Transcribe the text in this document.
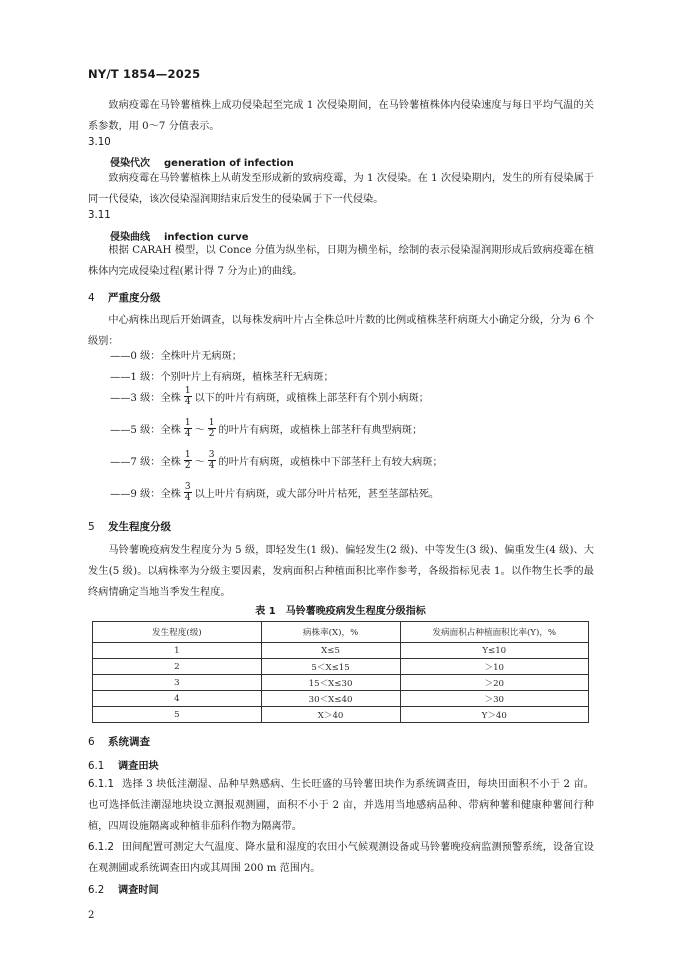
NY/T 1854—2025
致病疫霉在马铃薯植株上成功侵染起至完成 1 次侵染期间，在马铃薯植株体内侵染速度与每日平均气温的关系参数，用 0～7 分值表示。
3.10
侵染代次 generation of infection
致病疫霉在马铃薯植株上从萌发至形成新的致病疫霉，为 1 次侵染。在 1 次侵染期内，发生的所有侵染属于同一代侵染，该次侵染湿润期结束后发生的侵染属于下一代侵染。
3.11
侵染曲线 infection curve
根据 CARAH 模型，以 Conce 分值为纵坐标，日期为横坐标，绘制的表示侵染湿润期形成后致病疫霉在植株体内完成侵染过程(累计得 7 分为止)的曲线。
4 严重度分级
中心病株出现后开始调查，以每株发病叶片占全株总叶片数的比例或植株茎秆病斑大小确定分级，分为 6 个级别：
——0 级：全株叶片无病斑；
——1 级：个别叶片上有病斑，植株茎秆无病斑；
——3 级：全株 $\frac{1}{4}$ 以下的叶片有病斑，或植株上部茎秆有个别小病斑；
——5 级：全株 $\frac{1}{4}$ ～ $\frac{1}{2}$ 的叶片有病斑，或植株上部茎秆有典型病斑；
——7 级：全株 $\frac{1}{2}$ ～ $\frac{3}{4}$ 的叶片有病斑，或植株中下部茎秆上有较大病斑；
——9 级：全株 $\frac{3}{4}$ 以上叶片有病斑，或大部分叶片枯死，甚至茎部枯死。
5 发生程度分级
马铃薯晚疫病发生程度分为 5 级，即轻发生(1 级)、偏轻发生(2 级)、中等发生(3 级)、偏重发生(4 级)、大发生(5 级)。以病株率为分级主要因素，发病面积占种植面积比率作参考，各级指标见表 1。以作物生长季的最终病情确定当地当季发生程度。
表 1 马铃薯晚疫病发生程度分级指标
发生程度(级)	病株率(X)，%	发病面积占种植面积比率(Y)，%
1	X≤5	Y≤10
2	5＜X≤15	＞10
3	15＜X≤30	＞20
4	30＜X≤40	＞30
5	X＞40	Y＞40
6 系统调查
6.1 调查田块
6.1.1 选择 3 块低洼潮湿、品种早熟感病、生长旺盛的马铃薯田块作为系统调查田，每块田面积不小于 2 亩。也可选择低洼潮湿地块设立测报观测圃，面积不小于 2 亩，并选用当地感病品种、带病种薯和健康种薯间行种植，四周设施隔离或种植非茄科作物为隔离带。
6.1.2 田间配置可测定大气温度、降水量和湿度的农田小气候观测设备或马铃薯晚疫病监测预警系统，设备宜设在观测圃或系统调查田内或其周围 200 m 范围内。
6.2 调查时间
2
